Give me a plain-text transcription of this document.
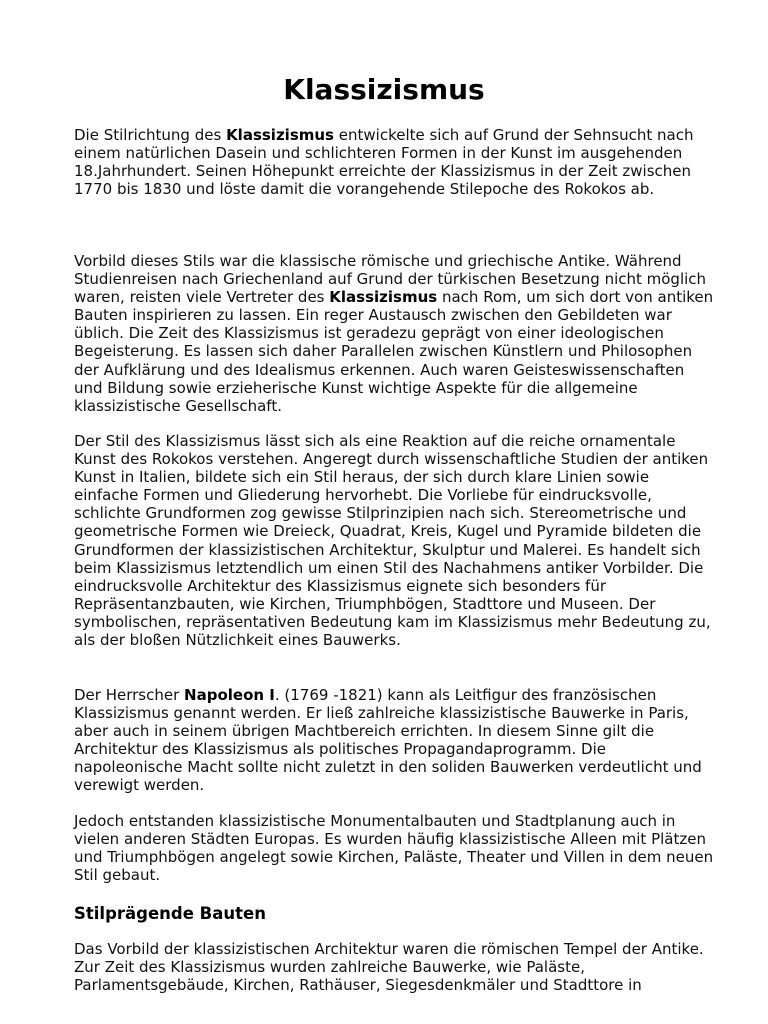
Klassizismus

Die Stilrichtung des Klassizismus entwickelte sich auf Grund der Sehnsucht nach einem natürlichen Dasein und schlichteren Formen in der Kunst im ausgehenden 18.Jahrhundert. Seinen Höhepunkt erreichte der Klassizismus in der Zeit zwischen 1770 bis 1830 und löste damit die vorangehende Stilepoche des Rokokos ab.

Vorbild dieses Stils war die klassische römische und griechische Antike. Während Studienreisen nach Griechenland auf Grund der türkischen Besetzung nicht möglich waren, reisten viele Vertreter des Klassizismus nach Rom, um sich dort von antiken Bauten inspirieren zu lassen. Ein reger Austausch zwischen den Gebildeten war üblich. Die Zeit des Klassizismus ist geradezu geprägt von einer ideologischen Begeisterung. Es lassen sich daher Parallelen zwischen Künstlern und Philosophen der Aufklärung und des Idealismus erkennen. Auch waren Geisteswissenschaften und Bildung sowie erzieherische Kunst wichtige Aspekte für die allgemeine klassizistische Gesellschaft.

Der Stil des Klassizismus lässt sich als eine Reaktion auf die reiche ornamentale Kunst des Rokokos verstehen. Angeregt durch wissenschaftliche Studien der antiken Kunst in Italien, bildete sich ein Stil heraus, der sich durch klare Linien sowie einfache Formen und Gliederung hervorhebt. Die Vorliebe für eindrucksvolle, schlichte Grundformen zog gewisse Stilprinzipien nach sich. Stereometrische und geometrische Formen wie Dreieck, Quadrat, Kreis, Kugel und Pyramide bildeten die Grundformen der klassizistischen Architektur, Skulptur und Malerei. Es handelt sich beim Klassizismus letztendlich um einen Stil des Nachahmens antiker Vorbilder. Die eindrucksvolle Architektur des Klassizismus eignete sich besonders für Repräsentanzbauten, wie Kirchen, Triumphbögen, Stadttore und Museen. Der symbolischen, repräsentativen Bedeutung kam im Klassizismus mehr Bedeutung zu, als der bloßen Nützlichkeit eines Bauwerks.

Der Herrscher Napoleon I. (1769 -1821) kann als Leitfigur des französischen Klassizismus genannt werden. Er ließ zahlreiche klassizistische Bauwerke in Paris, aber auch in seinem übrigen Machtbereich errichten. In diesem Sinne gilt die Architektur des Klassizismus als politisches Propagandaprogramm. Die napoleonische Macht sollte nicht zuletzt in den soliden Bauwerken verdeutlicht und verewigt werden.

Jedoch entstanden klassizistische Monumentalbauten und Stadtplanung auch in vielen anderen Städten Europas. Es wurden häufig klassizistische Alleen mit Plätzen und Triumphbögen angelegt sowie Kirchen, Paläste, Theater und Villen in dem neuen Stil gebaut.

Stilprägende Bauten

Das Vorbild der klassizistischen Architektur waren die römischen Tempel der Antike. Zur Zeit des Klassizismus wurden zahlreiche Bauwerke, wie Paläste, Parlamentsgebäude, Kirchen, Rathäuser, Siegesdenkmäler und Stadttore in
